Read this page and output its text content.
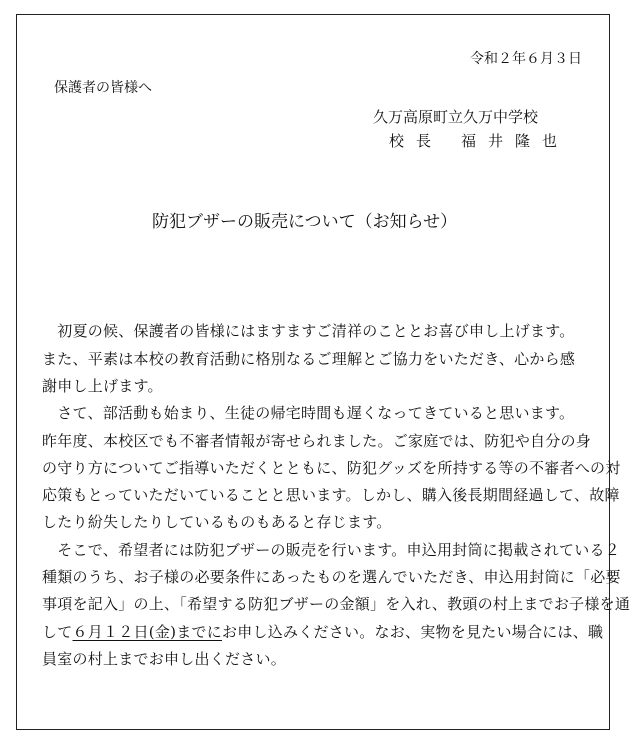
令和２年６月３日
保護者の皆様へ
久万高原町立久万中学校
校長 福井隆也
防犯ブザーの販売について（お知らせ）
　初夏の候、保護者の皆様にはますますご清祥のこととお喜び申し上げます。
また、平素は本校の教育活動に格別なるご理解とご協力をいただき、心から感
謝申し上げます。
　さて、部活動も始まり、生徒の帰宅時間も遅くなってきていると思います。
昨年度、本校区でも不審者情報が寄せられました。ご家庭では、防犯や自分の身
の守り方についてご指導いただくとともに、防犯グッズを所持する等の不審者への対
応策もとっていただいていることと思います。しかし、購入後長期間経過して、故障
したり紛失したりしているものもあると存じます。
　そこで、希望者には防犯ブザーの販売を行います。申込用封筒に掲載されている２
種類のうち、お子様の必要条件にあったものを選んでいただき、申込用封筒に「必要
事項を記入」の上、「希望する防犯ブザーの金額」を入れ、教頭の村上までお子様を通
して６月１２日(金)までにお申し込みください。なお、実物を見たい場合には、職
員室の村上までお申し出ください。
